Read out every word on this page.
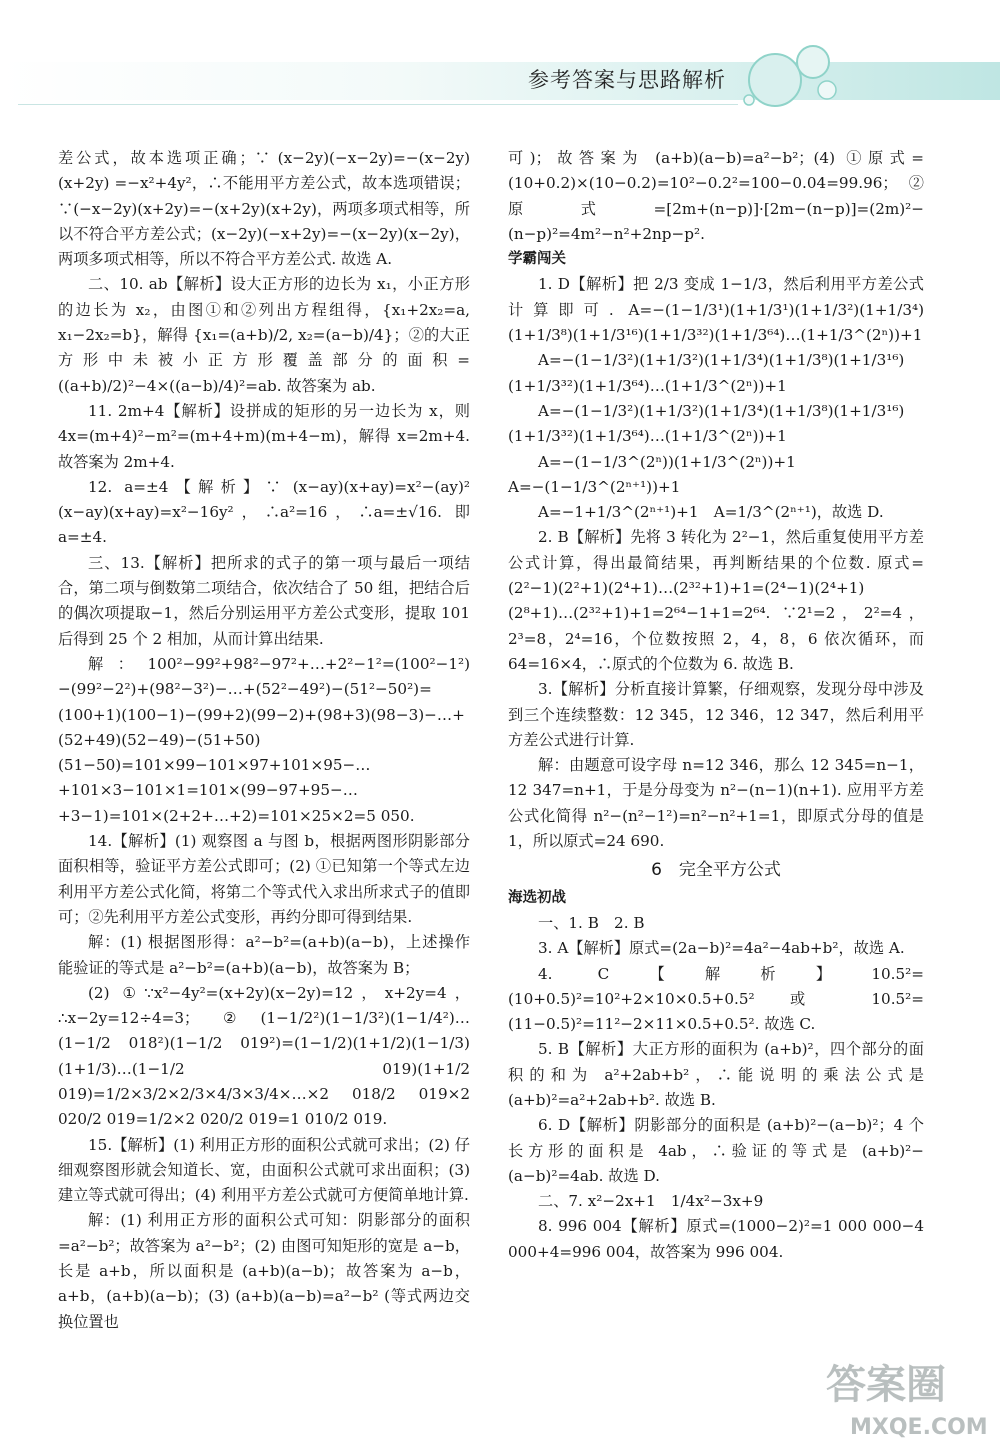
参考答案与思路解析

差公式，故本选项正确；∵ (x−2y)(−x−2y)=−(x−2y)(x+2y) =−x²+4y²，∴不能用平方差公式，故本选项错误；∵(−x−2y)(x+2y)=−(x+2y)(x+2y)，两项多项式相等，所以不符合平方差公式；(x−2y)(−x+2y)=−(x−2y)(x−2y)，两项多项式相等，所以不符合平方差公式. 故选 A.

二、10. ab【解析】设大正方形的边长为 x₁，小正方形的边长为 x₂，由图①和②列出方程组得，{x₁+2x₂=a, x₁−2x₂=b}，解得 {x₁=(a+b)/2, x₂=(a−b)/4}；②的大正方形中未被小正方形覆盖部分的面积= ((a+b)/2)²−4×((a−b)/4)²=ab. 故答案为 ab.

11. 2m+4【解析】设拼成的矩形的另一边长为 x，则 4x=(m+4)²−m²=(m+4+m)(m+4−m)，解得 x=2m+4. 故答案为 2m+4.

12. a=±4【解析】∵ (x−ay)(x+ay)=x²−(ay)² (x−ay)(x+ay)=x²−16y²，∴a²=16，∴a=±√16. 即 a=±4.

三、13.【解析】把所求的式子的第一项与最后一项结合，第二项与倒数第二项结合，依次结合了 50 组，把结合后的偶次项提取−1，然后分别运用平方差公式变形，提取 101 后得到 25 个 2 相加，从而计算出结果.

解：100²−99²+98²−97²+…+2²−1²=(100²−1²)−(99²−2²)+(98²−3²)−…+(52²−49²)−(51²−50²)=(100+1)(100−1)−(99+2)(99−2)+(98+3)(98−3)−…+(52+49)(52−49)−(51+50)(51−50)=101×99−101×97+101×95−…+101×3−101×1=101×(99−97+95−…+3−1)=101×(2+2+…+2)=101×25×2=5 050.

14.【解析】(1) 观察图 a 与图 b，根据两图形阴影部分面积相等，验证平方差公式即可；(2) ①已知第一个等式左边利用平方差公式化简，将第二个等式代入求出所求式子的值即可；②先利用平方差公式变形，再约分即可得到结果.

解：(1) 根据图形得：a²−b²=(a+b)(a−b)，上述操作能验证的等式是 a²−b²=(a+b)(a−b)，故答案为 B；

(2) ①∵x²−4y²=(x+2y)(x−2y)=12，x+2y=4，∴x−2y=12÷4=3；②(1−1/2²)(1−1/3²)(1−1/4²)…(1−1/2 018²)(1−1/2 019²)=(1−1/2)(1+1/2)(1−1/3)(1+1/3)…(1−1/2 019)(1+1/2 019)=1/2×3/2×2/3×4/3×3/4×…×2 018/2 019×2 020/2 019=1/2×2 020/2 019=1 010/2 019.

15.【解析】(1) 利用正方形的面积公式就可求出；(2) 仔细观察图形就会知道长、宽，由面积公式就可求出面积；(3) 建立等式就可得出；(4) 利用平方差公式就可方便简单地计算.

解：(1) 利用正方形的面积公式可知：阴影部分的面积=a²−b²；故答案为 a²−b²；(2) 由图可知矩形的宽是 a−b，长是 a+b，所以面积是 (a+b)(a−b)；故答案为 a−b，a+b，(a+b)(a−b)；(3) (a+b)(a−b)=a²−b² (等式两边交换位置也

可)；故答案为 (a+b)(a−b)=a²−b²；(4) ①原式=(10+0.2)×(10−0.2)=10²−0.2²=100−0.04=99.96；②原式=[2m+(n−p)]·[2m−(n−p)]=(2m)²−(n−p)²=4m²−n²+2np−p².

学霸闯关

1. D【解析】把 2/3 变成 1−1/3，然后利用平方差公式计算即可. A=−(1−1/3¹)(1+1/3¹)(1+1/3²)(1+1/3⁴)(1+1/3⁸)(1+1/3¹⁶)(1+1/3³²)(1+1/3⁶⁴)…(1+1/3^(2ⁿ))+1

A=−(1−1/3²)(1+1/3²)(1+1/3⁴)(1+1/3⁸)(1+1/3¹⁶)(1+1/3³²)(1+1/3⁶⁴)…(1+1/3^(2ⁿ))+1

A=−(1−1/3²)(1+1/3²)(1+1/3⁴)(1+1/3⁸)(1+1/3¹⁶)(1+1/3³²)(1+1/3⁶⁴)…(1+1/3^(2ⁿ))+1

A=−(1−1/3^(2ⁿ))(1+1/3^(2ⁿ))+1　A=−(1−1/3^(2ⁿ⁺¹))+1

A=−1+1/3^(2ⁿ⁺¹)+1　A=1/3^(2ⁿ⁺¹)，故选 D.

2. B【解析】先将 3 转化为 2²−1，然后重复使用平方差公式计算，得出最简结果，再判断结果的个位数. 原式=(2²−1)(2²+1)(2⁴+1)…(2³²+1)+1=(2⁴−1)(2⁴+1)(2⁸+1)…(2³²+1)+1=2⁶⁴−1+1=2⁶⁴. ∵2¹=2，2²=4，2³=8，2⁴=16，个位数按照 2，4，8，6 依次循环，而 64=16×4，∴原式的个位数为 6. 故选 B.

3.【解析】分析直接计算繁，仔细观察，发现分母中涉及到三个连续整数：12 345，12 346，12 347，然后利用平方差公式进行计算.

解：由题意可设字母 n=12 346，那么 12 345=n−1，12 347=n+1，于是分母变为 n²−(n−1)(n+1). 应用平方差公式化简得 n²−(n²−1²)=n²−n²+1=1，即原式分母的值是 1，所以原式=24 690.

6　完全平方公式

海选初战

一、1. B　2. B

3. A【解析】原式=(2a−b)²=4a²−4ab+b²，故选 A.

4. C【解析】10.5²=(10+0.5)²=10²+2×10×0.5+0.5² 或 10.5²=(11−0.5)²=11²−2×11×0.5+0.5². 故选 C.

5. B【解析】大正方形的面积为 (a+b)²，四个部分的面积的和为 a²+2ab+b²，∴能说明的乘法公式是 (a+b)²=a²+2ab+b². 故选 B.

6. D【解析】阴影部分的面积是 (a+b)²−(a−b)²；4 个长方形的面积是 4ab，∴验证的等式是 (a+b)²−(a−b)²=4ab. 故选 D.

二、7. x²−2x+1　1/4x²−3x+9

8. 996 004【解析】原式=(1000−2)²=1 000 000−4 000+4=996 004，故答案为 996 004.

答案圈
MXQE.COM
